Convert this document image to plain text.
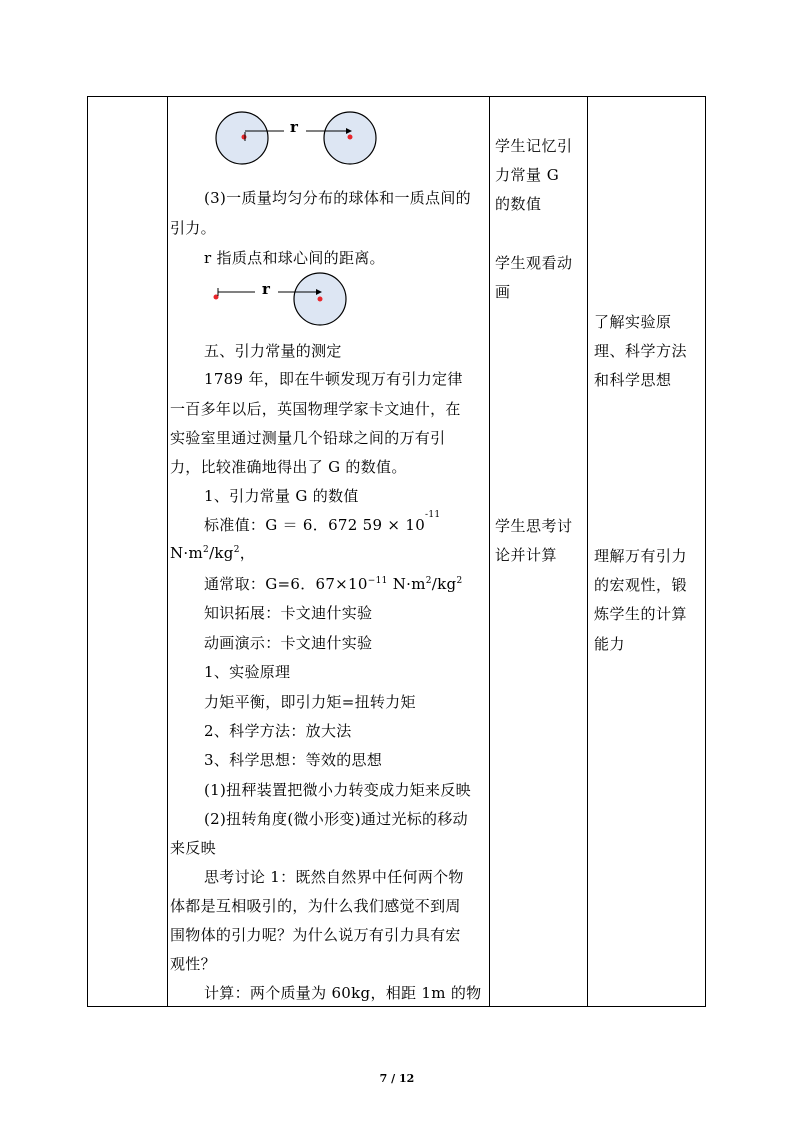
r
r
(3)一质量均匀分布的球体和一质点间的
引力。
r 指质点和球心间的距离。
五、引力常量的测定
1789 年，即在牛顿发现万有引力定律
一百多年以后，英国物理学家卡文迪什，在
实验室里通过测量几个铅球之间的万有引
力，比较准确地得出了 G 的数值。
1、引力常量 G 的数值
标准值：G ＝ 6．672 $59 \times 10^{-11}$
$N\cdot m^2/kg^2$，
通常取：G=6．$67\times 10^{-11}$ $N\cdot m^2/kg^2$
知识拓展：卡文迪什实验
动画演示：卡文迪什实验
1、实验原理
力矩平衡，即引力矩=扭转力矩
2、科学方法：放大法
3、科学思想：等效的思想
(1)扭秤装置把微小力转变成力矩来反映
(2)扭转角度(微小形变)通过光标的移动
来反映
思考讨论 1：既然自然界中任何两个物
体都是互相吸引的，为什么我们感觉不到周
围物体的引力呢？为什么说万有引力具有宏
观性？
计算：两个质量为 60kg，相距 1m 的物
学生记忆引
力常量 G
的数值
学生观看动
画
学生思考讨
论并计算
了解实验原
理、科学方法
和科学思想
理解万有引力
的宏观性，锻
炼学生的计算
能力
7 / 12
